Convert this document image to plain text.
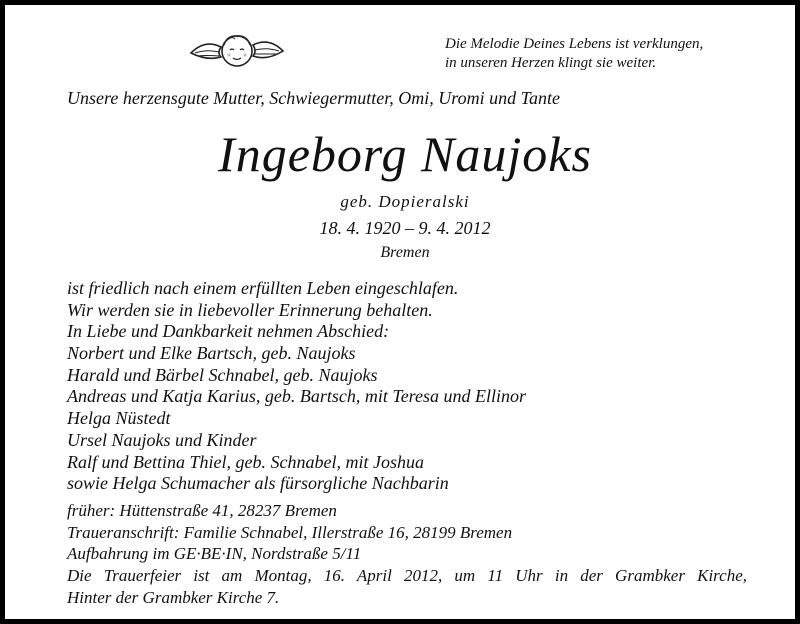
Die Melodie Deines Lebens ist verklungen,
in unseren Herzen klingt sie weiter.
Unsere herzensgute Mutter, Schwiegermutter, Omi, Uromi und Tante
Ingeborg Naujoks
geb. Dopieralski
18. 4. 1920 – 9. 4. 2012
Bremen
ist friedlich nach einem erfüllten Leben eingeschlafen.
Wir werden sie in liebevoller Erinnerung behalten.
In Liebe und Dankbarkeit nehmen Abschied:
Norbert und Elke Bartsch, geb. Naujoks
Harald und Bärbel Schnabel, geb. Naujoks
Andreas und Katja Karius, geb. Bartsch, mit Teresa und Ellinor
Helga Nüstedt
Ursel Naujoks und Kinder
Ralf und Bettina Thiel, geb. Schnabel, mit Joshua
sowie Helga Schumacher als fürsorgliche Nachbarin
früher: Hüttenstraße 41, 28237 Bremen
Traueranschrift: Familie Schnabel, Illerstraße 16, 28199 Bremen
Aufbahrung im GE·BE·IN, Nordstraße 5/11
Die Trauerfeier ist am Montag, 16. April 2012, um 11 Uhr in der Grambker Kirche,
Hinter der Grambker Kirche 7.
